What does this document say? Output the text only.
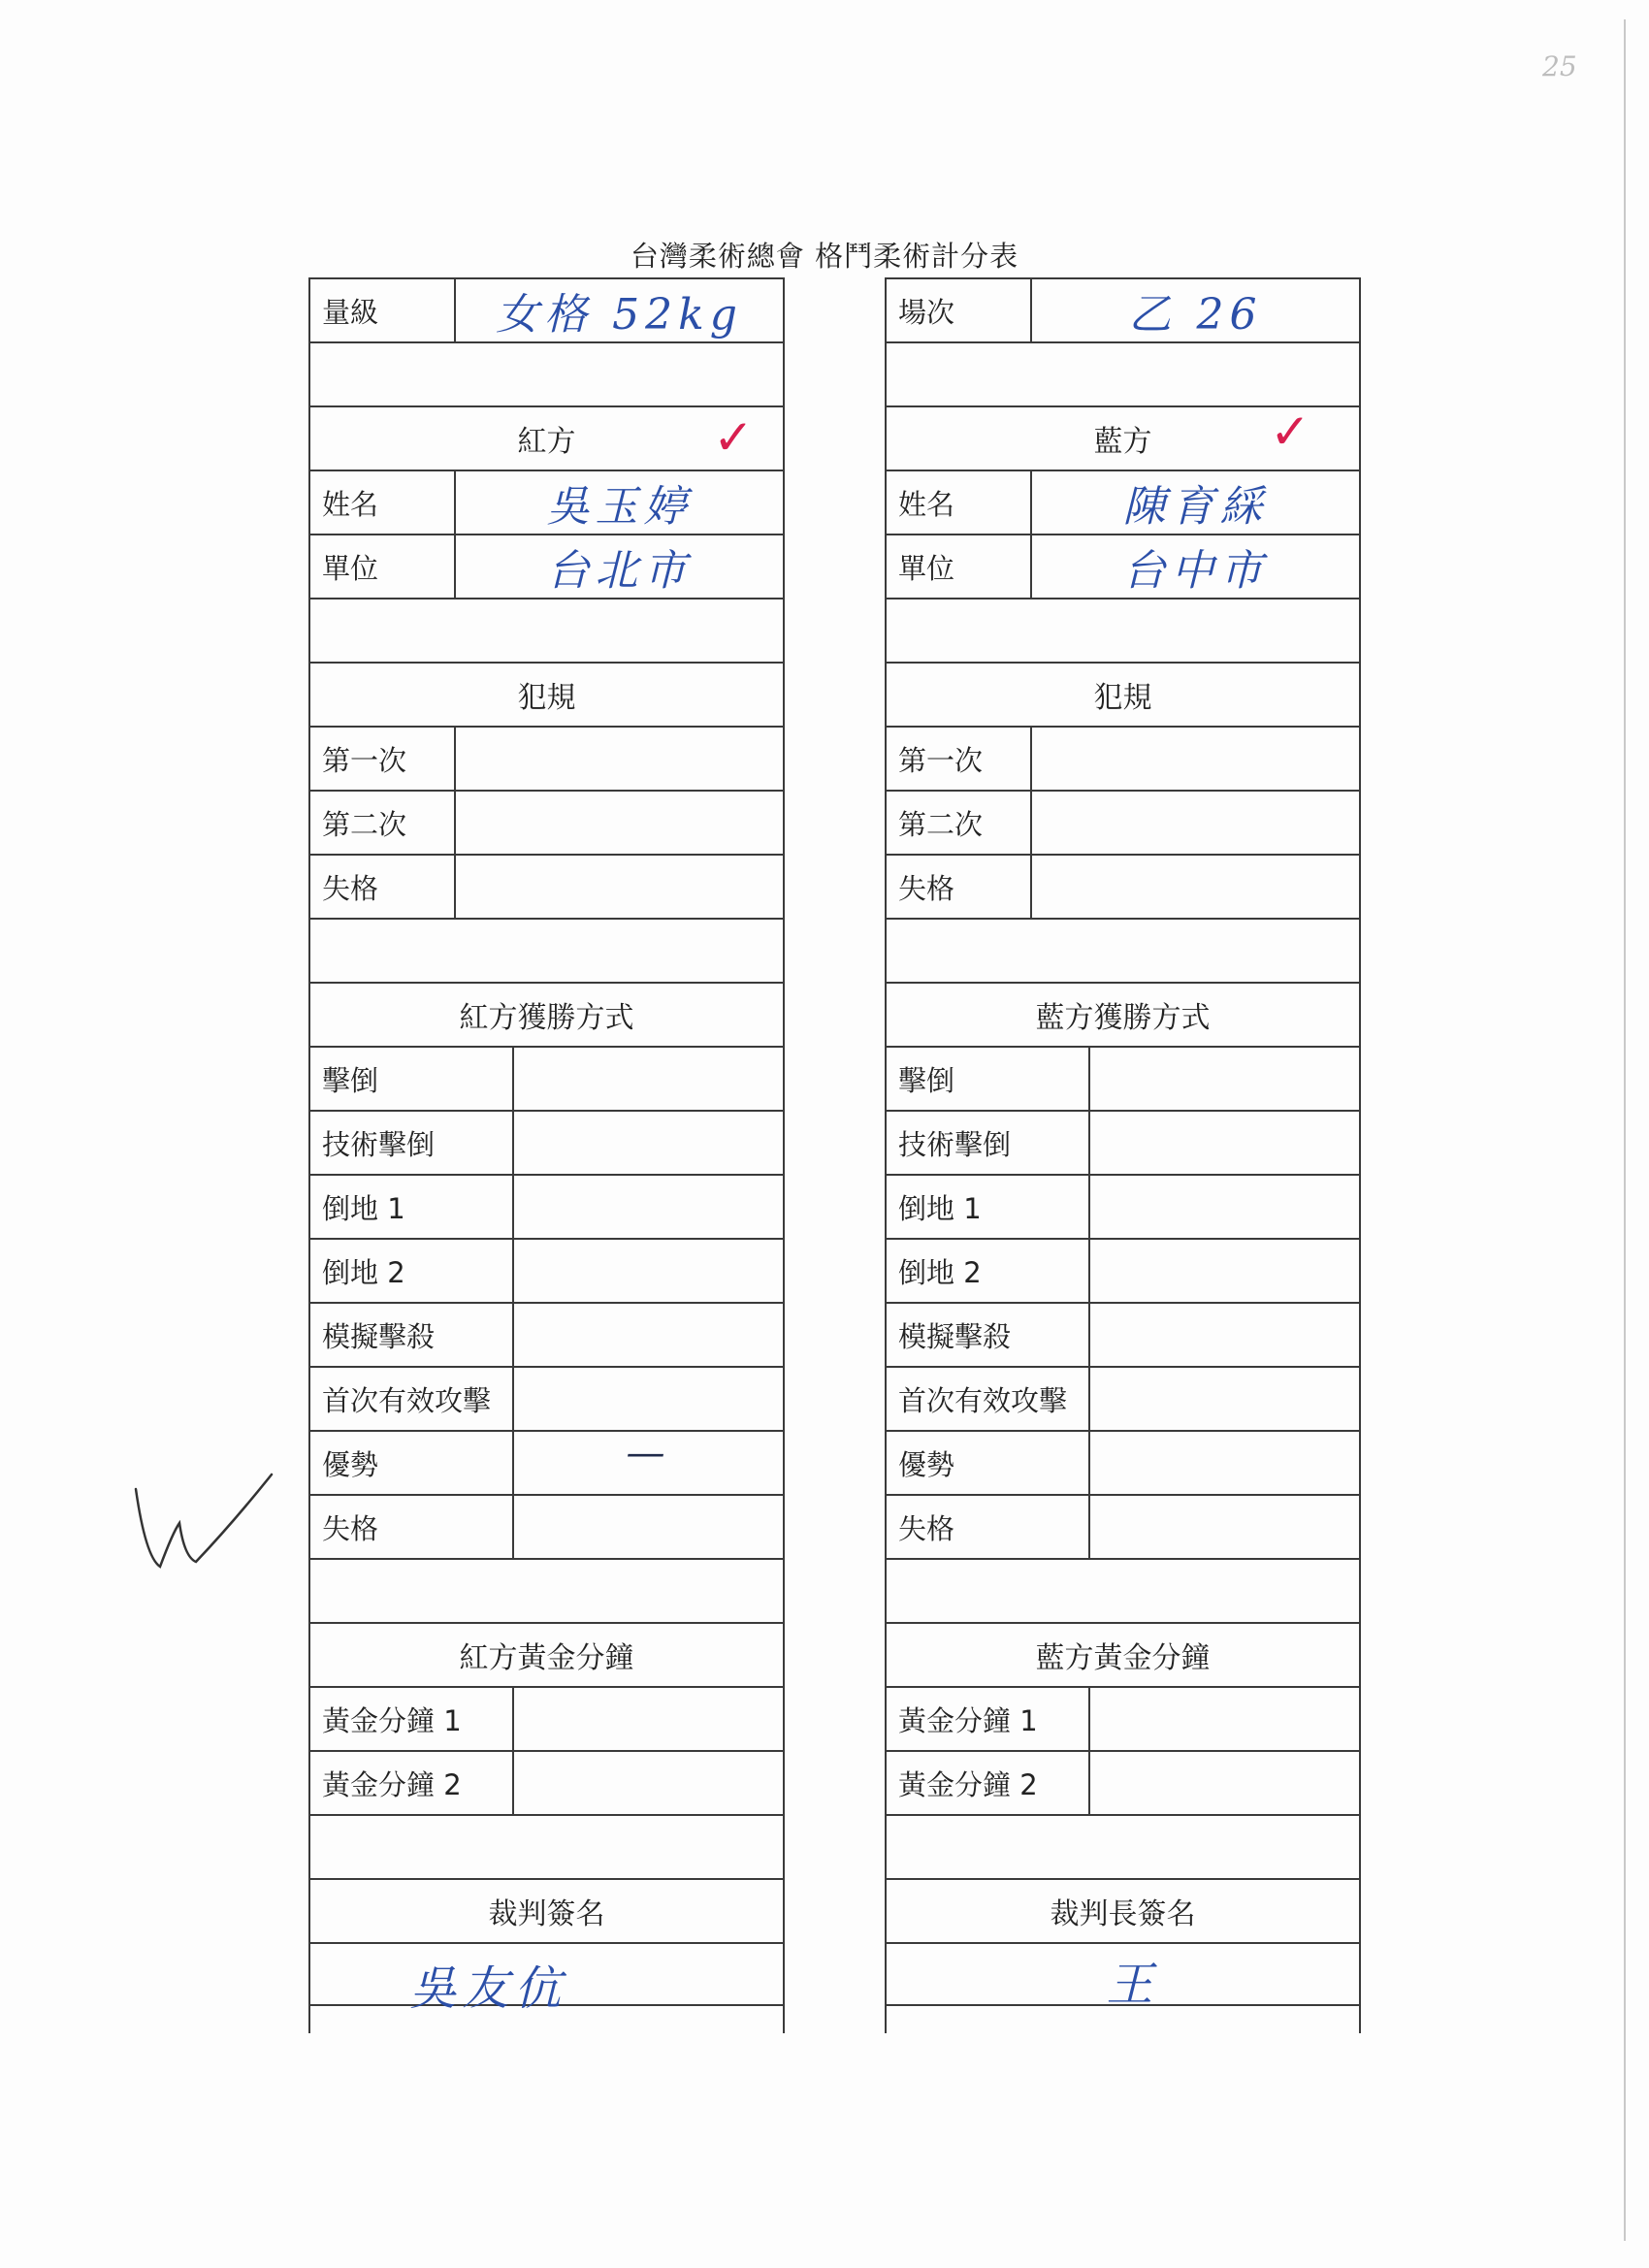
25
台灣柔術總會 格鬥柔術計分表
量級	女格 52kg
紅方	✓
姓名	吳玉婷
單位	台北市
犯規
第一次
第二次
失格
紅方獲勝方式
擊倒
技術擊倒
倒地 1
倒地 2
模擬擊殺
首次有效攻擊
優勢	—
失格
紅方黃金分鐘
黃金分鐘 1
黃金分鐘 2
裁判簽名
吳友伉
場次	乙 26
藍方 ✓
姓名	陳育綵
單位	台中市
犯規
第一次
第二次
失格
藍方獲勝方式
擊倒
技術擊倒
倒地 1
倒地 2
模擬擊殺
首次有效攻擊
優勢
失格
藍方黃金分鐘
黃金分鐘 1
黃金分鐘 2
裁判長簽名
王
